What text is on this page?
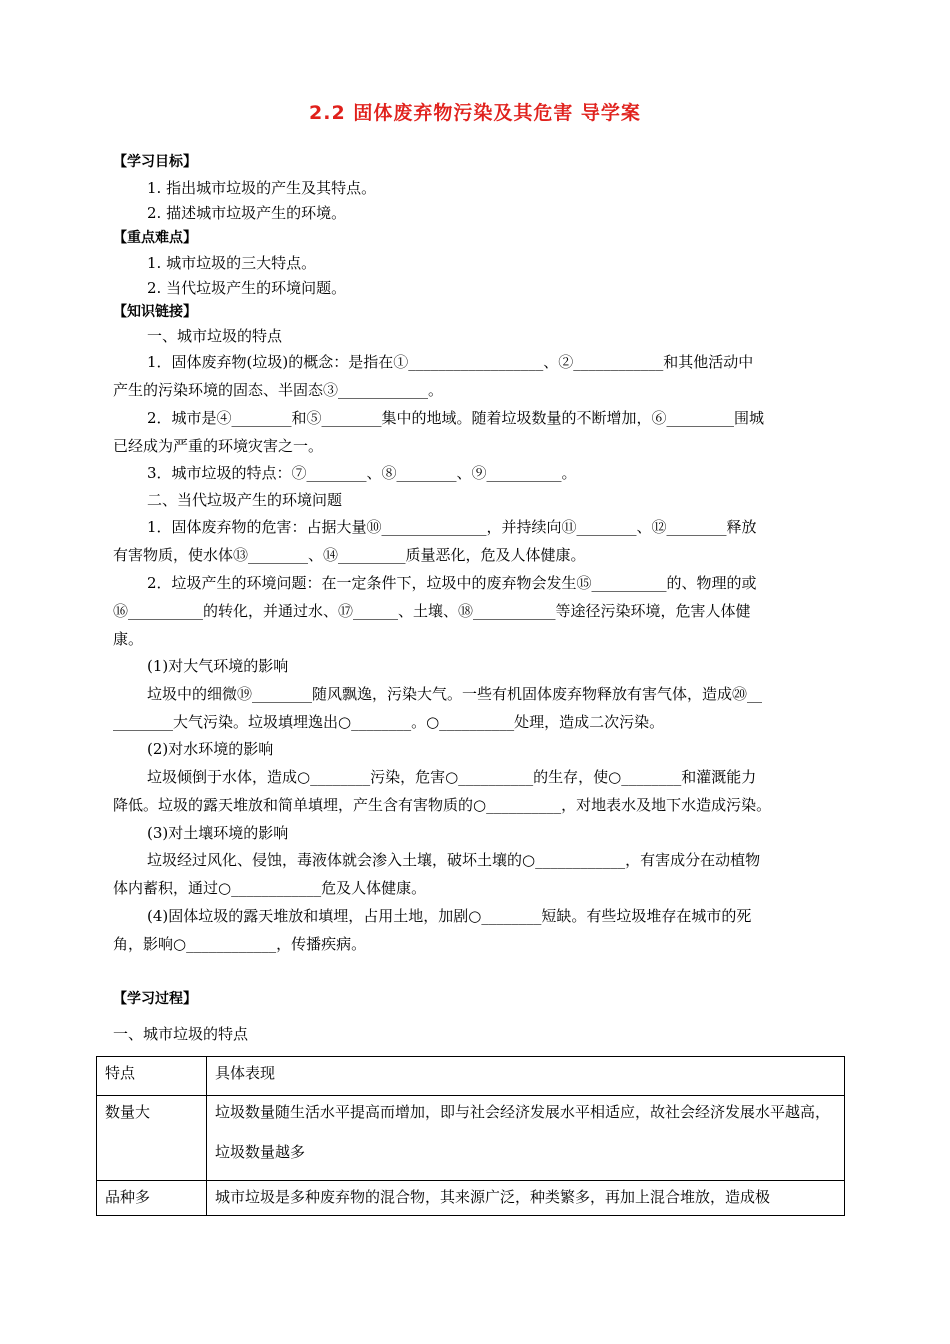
2.2 固体废弃物污染及其危害 导学案
【学习目标】
1. 指出城市垃圾的产生及其特点。
2. 描述城市垃圾产生的环境。
【重点难点】
1. 城市垃圾的三大特点。
2. 当代垃圾产生的环境问题。
【知识链接】
一、城市垃圾的特点
1．固体废弃物(垃圾)的概念：是指在①__________________、②____________和其他活动中
产生的污染环境的固态、半固态③____________。
2．城市是④________和⑤________集中的地域。随着垃圾数量的不断增加，⑥_________围城
已经成为严重的环境灾害之一。
3．城市垃圾的特点：⑦________、⑧________、⑨__________。
二、当代垃圾产生的环境问题
1．固体废弃物的危害：占据大量⑩______________，并持续向⑪________、⑫________释放
有害物质，使水体⑬________、⑭_________质量恶化，危及人体健康。
2．垃圾产生的环境问题：在一定条件下，垃圾中的废弃物会发生⑮__________的、物理的或
⑯__________的转化，并通过水、⑰______、土壤、⑱___________等途径污染环境，危害人体健
康。
(1)对大气环境的影响
垃圾中的细微⑲________随风飘逸，污染大气。一些有机固体废弃物释放有害气体，造成⑳__
________大气污染。垃圾填埋逸出○________。○__________处理，造成二次污染。
(2)对水环境的影响
垃圾倾倒于水体，造成○________污染，危害○__________的生存，使○________和灌溉能力
降低。垃圾的露天堆放和简单填埋，产生含有害物质的○__________，对地表水及地下水造成污染。
(3)对土壤环境的影响
垃圾经过风化、侵蚀，毒液体就会渗入土壤，破坏土壤的○____________，有害成分在动植物
体内蓄积，通过○____________危及人体健康。
(4)固体垃圾的露天堆放和填埋，占用土地，加剧○________短缺。有些垃圾堆存在城市的死
角，影响○____________，传播疾病。
【学习过程】
一、城市垃圾的特点
特点	具体表现
数量大	垃圾数量随生活水平提高而增加，即与社会经济发展水平相适应，故社会经济发展水平越高，垃圾数量越多

品种多	城市垃圾是多种废弃物的混合物，其来源广泛，种类繁多，再加上混合堆放，造成极
